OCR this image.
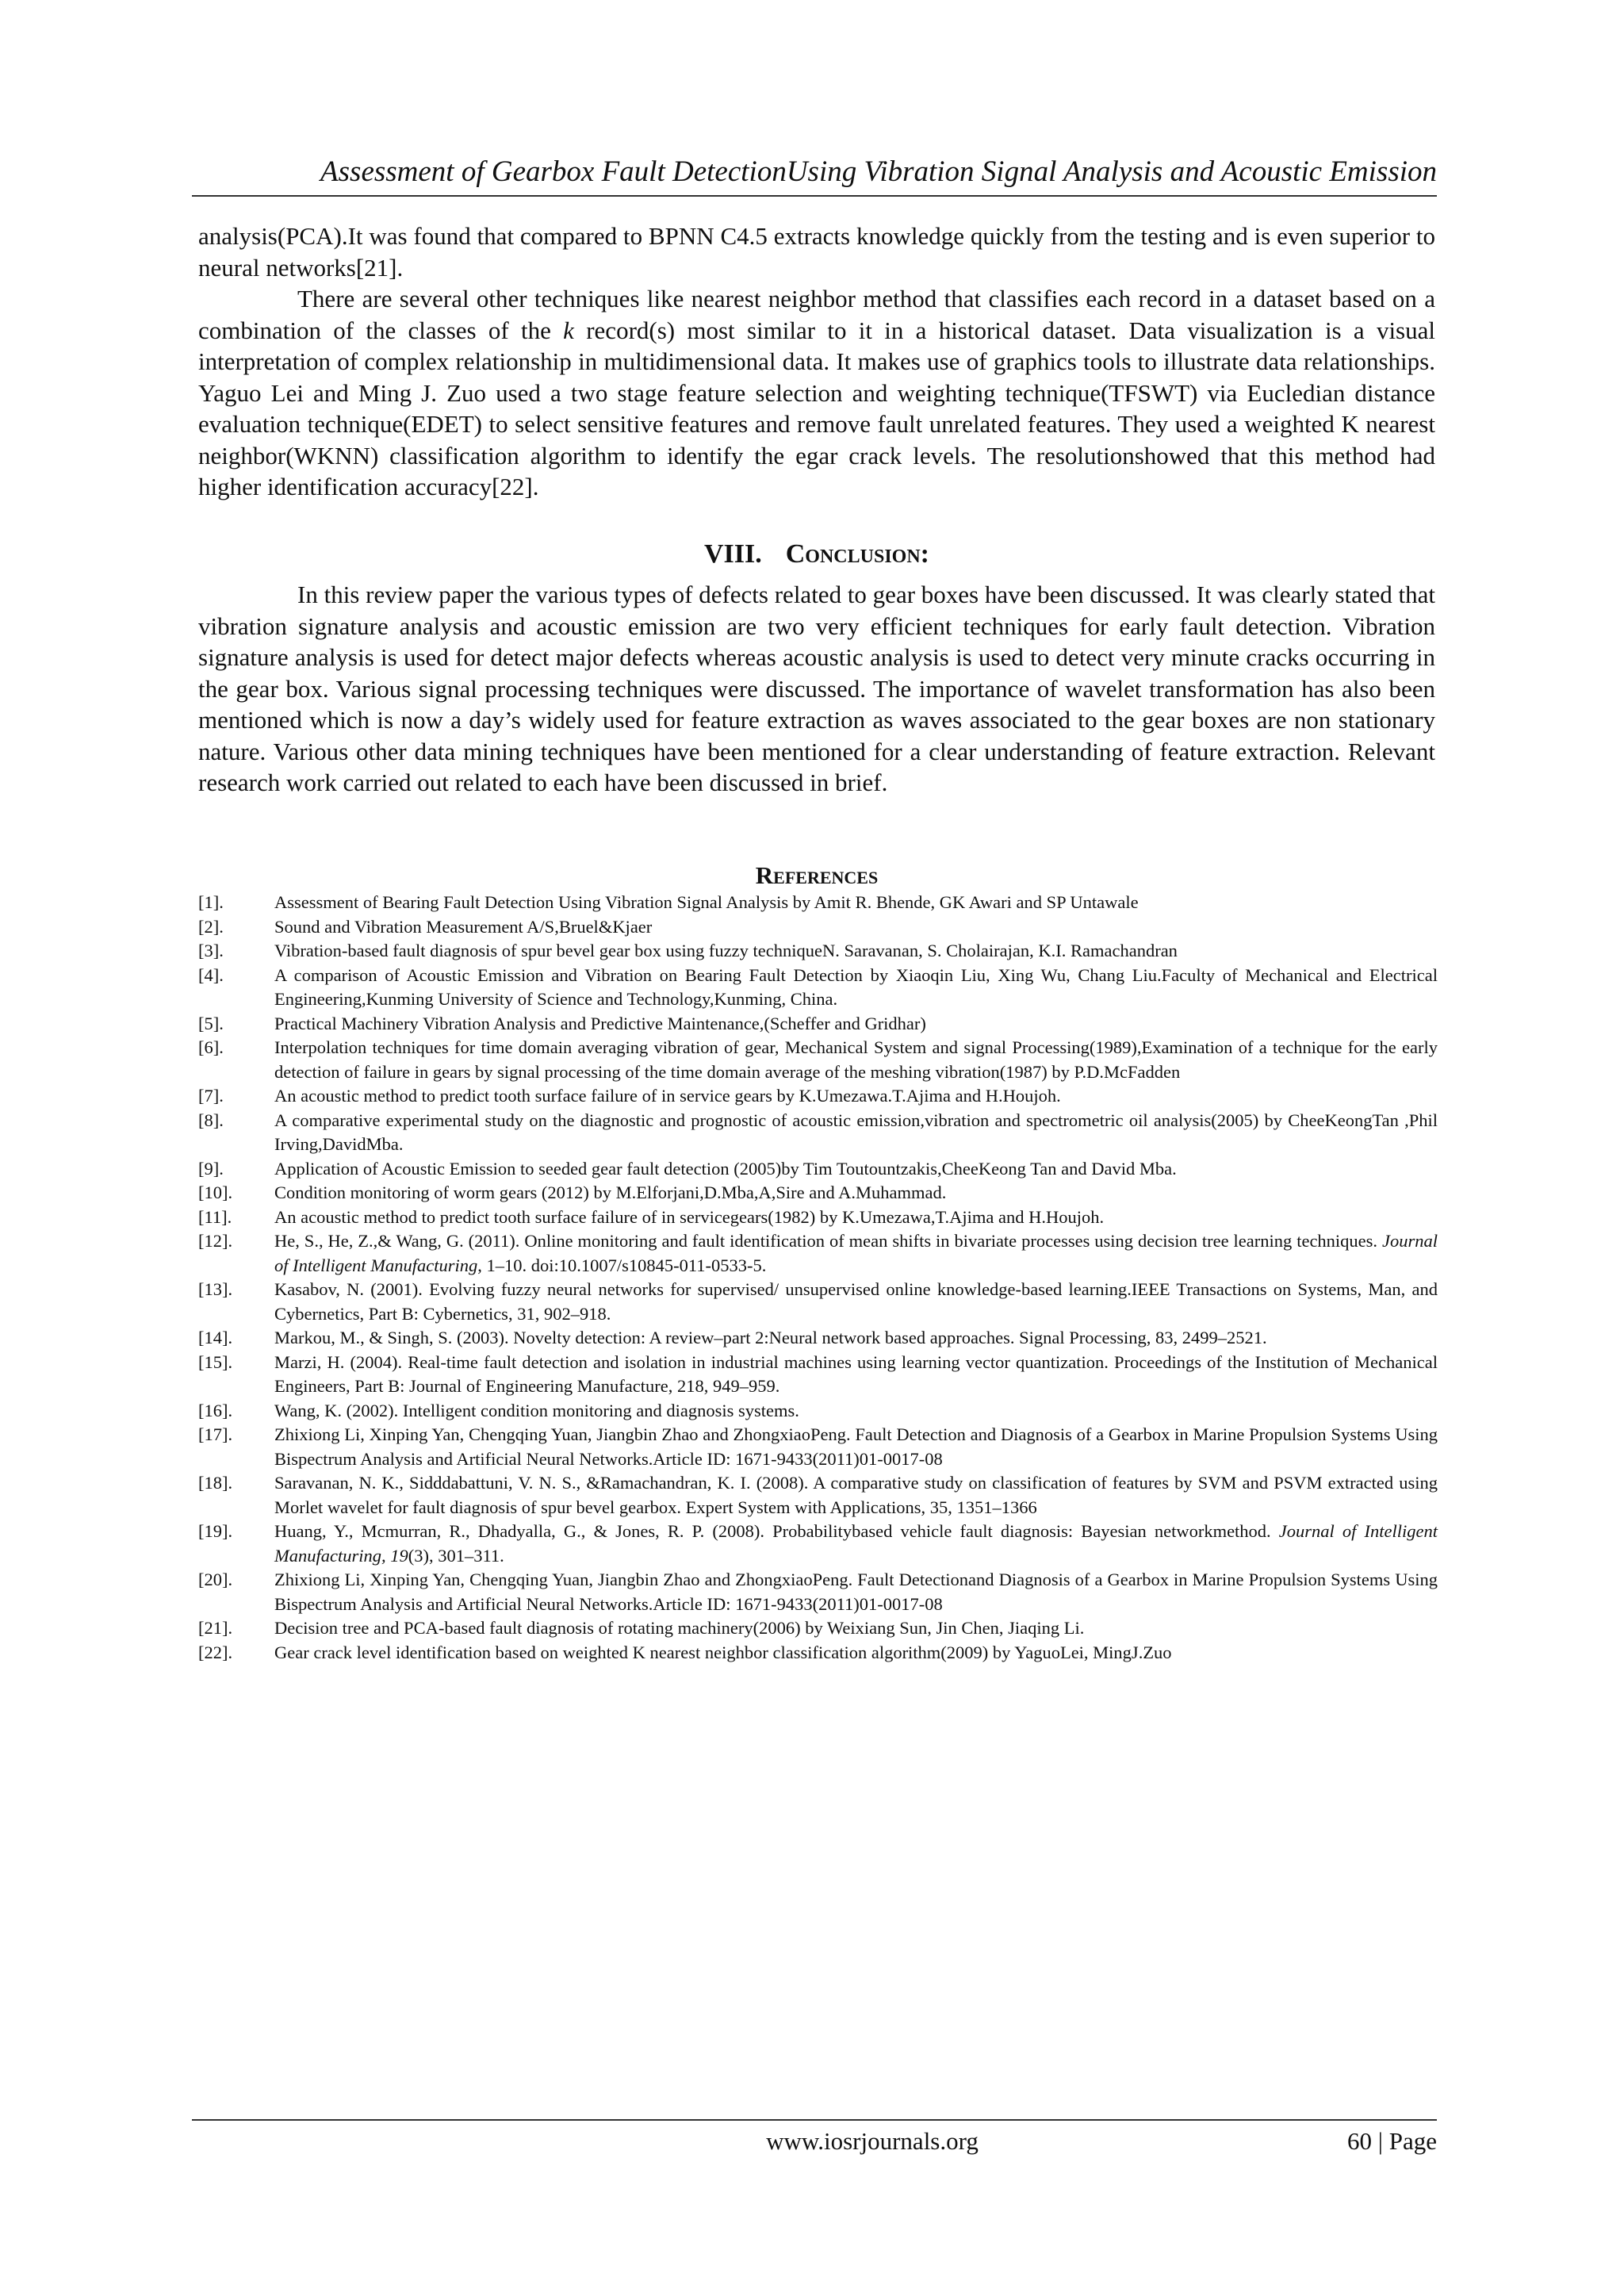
Assessment of Gearbox Fault DetectionUsing Vibration Signal Analysis and Acoustic Emission

analysis(PCA).It was found that compared to BPNN C4.5 extracts knowledge quickly from the testing and is even superior to neural networks[21].

There are several other techniques like nearest neighbor method that classifies each record in a dataset based on a combination of the classes of the k record(s) most similar to it in a historical dataset. Data visualization is a visual interpretation of complex relationship in multidimensional data. It makes use of graphics tools to illustrate data relationships. Yaguo Lei and Ming J. Zuo used a two stage feature selection and weighting technique(TFSWT) via Eucledian distance evaluation technique(EDET) to select sensitive features and remove fault unrelated features. They used a weighted K nearest neighbor(WKNN) classification algorithm to identify the egar crack levels. The resolutionshowed that this method had higher identification accuracy[22].

VIII. Conclusion:

In this review paper the various types of defects related to gear boxes have been discussed. It was clearly stated that vibration signature analysis and acoustic emission are two very efficient techniques for early fault detection. Vibration signature analysis is used for detect major defects whereas acoustic analysis is used to detect very minute cracks occurring in the gear box. Various signal processing techniques were discussed. The importance of wavelet transformation has also been mentioned which is now a day’s widely used for feature extraction as waves associated to the gear boxes are non stationary nature. Various other data mining techniques have been mentioned for a clear understanding of feature extraction. Relevant research work carried out related to each have been discussed in brief.

References
[1].	Assessment of Bearing Fault Detection Using Vibration Signal Analysis by Amit R. Bhende, GK Awari and SP Untawale
[2].	Sound and Vibration Measurement A/S,Bruel&Kjaer
[3].	Vibration-based fault diagnosis of spur bevel gear box using fuzzy techniqueN. Saravanan, S. Cholairajan, K.I. Ramachandran
[4].	A comparison of Acoustic Emission and Vibration on Bearing Fault Detection by Xiaoqin Liu, Xing Wu, Chang Liu.Faculty of Mechanical and Electrical Engineering,Kunming University of Science and Technology,Kunming, China.
[5].	Practical Machinery Vibration Analysis and Predictive Maintenance,(Scheffer and Gridhar)
[6].	Interpolation techniques for time domain averaging vibration of gear, Mechanical System and signal Processing(1989),Examination of a technique for the early detection of failure in gears by signal processing of the time domain average of the meshing vibration(1987) by P.D.McFadden
[7].	An acoustic method to predict tooth surface failure of in service gears by K.Umezawa.T.Ajima and H.Houjoh.
[8].	A comparative experimental study on the diagnostic and prognostic of acoustic emission,vibration and spectrometric oil analysis(2005) by CheeKeongTan ,Phil Irving,DavidMba.
[9].	Application of Acoustic Emission to seeded gear fault detection (2005)by Tim Toutountzakis,CheeKeong Tan and David Mba.
[10].	Condition monitoring of worm gears (2012) by M.Elforjani,D.Mba,A,Sire and A.Muhammad.
[11].	An acoustic method to predict tooth surface failure of in servicegears(1982) by K.Umezawa,T.Ajima and H.Houjoh.
[12].	He, S., He, Z.,& Wang, G. (2011). Online monitoring and fault identification of mean shifts in bivariate processes using decision tree learning techniques. Journal of Intelligent Manufacturing, 1–10. doi:10.1007/s10845-011-0533-5.
[13].	Kasabov, N. (2001). Evolving fuzzy neural networks for supervised/ unsupervised online knowledge-based learning.IEEE Transactions on Systems, Man, and Cybernetics, Part B: Cybernetics, 31, 902–918.
[14].	Markou, M., & Singh, S. (2003). Novelty detection: A review–part 2:Neural network based approaches. Signal Processing, 83, 2499–2521.
[15].	Marzi, H. (2004). Real-time fault detection and isolation in industrial machines using learning vector quantization. Proceedings of the Institution of Mechanical Engineers, Part B: Journal of Engineering Manufacture, 218, 949–959.
[16].	Wang, K. (2002). Intelligent condition monitoring and diagnosis systems.
[17].	Zhixiong Li, Xinping Yan, Chengqing Yuan, Jiangbin Zhao and ZhongxiaoPeng. Fault Detection and Diagnosis of a Gearbox in Marine Propulsion Systems Using Bispectrum Analysis and Artificial Neural Networks.Article ID: 1671-9433(2011)01-0017-08
[18].	Saravanan, N. K., Sidddabattuni, V. N. S., &Ramachandran, K. I. (2008). A comparative study on classification of features by SVM and PSVM extracted using Morlet wavelet for fault diagnosis of spur bevel gearbox. Expert System with Applications, 35, 1351–1366
[19].	Huang, Y., Mcmurran, R., Dhadyalla, G., & Jones, R. P. (2008). Probabilitybased vehicle fault diagnosis: Bayesian networkmethod. Journal of Intelligent Manufacturing, 19(3), 301–311.
[20].	Zhixiong Li, Xinping Yan, Chengqing Yuan, Jiangbin Zhao and ZhongxiaoPeng. Fault Detectionand Diagnosis of a Gearbox in Marine Propulsion Systems Using Bispectrum Analysis and Artificial Neural Networks.Article ID: 1671-9433(2011)01-0017-08
[21].	Decision tree and PCA-based fault diagnosis of rotating machinery(2006) by Weixiang Sun, Jin Chen, Jiaqing Li.
[22].	Gear crack level identification based on weighted K nearest neighbor classification algorithm(2009) by YaguoLei, MingJ.Zuo
www.iosrjournals.org	60 | Page
